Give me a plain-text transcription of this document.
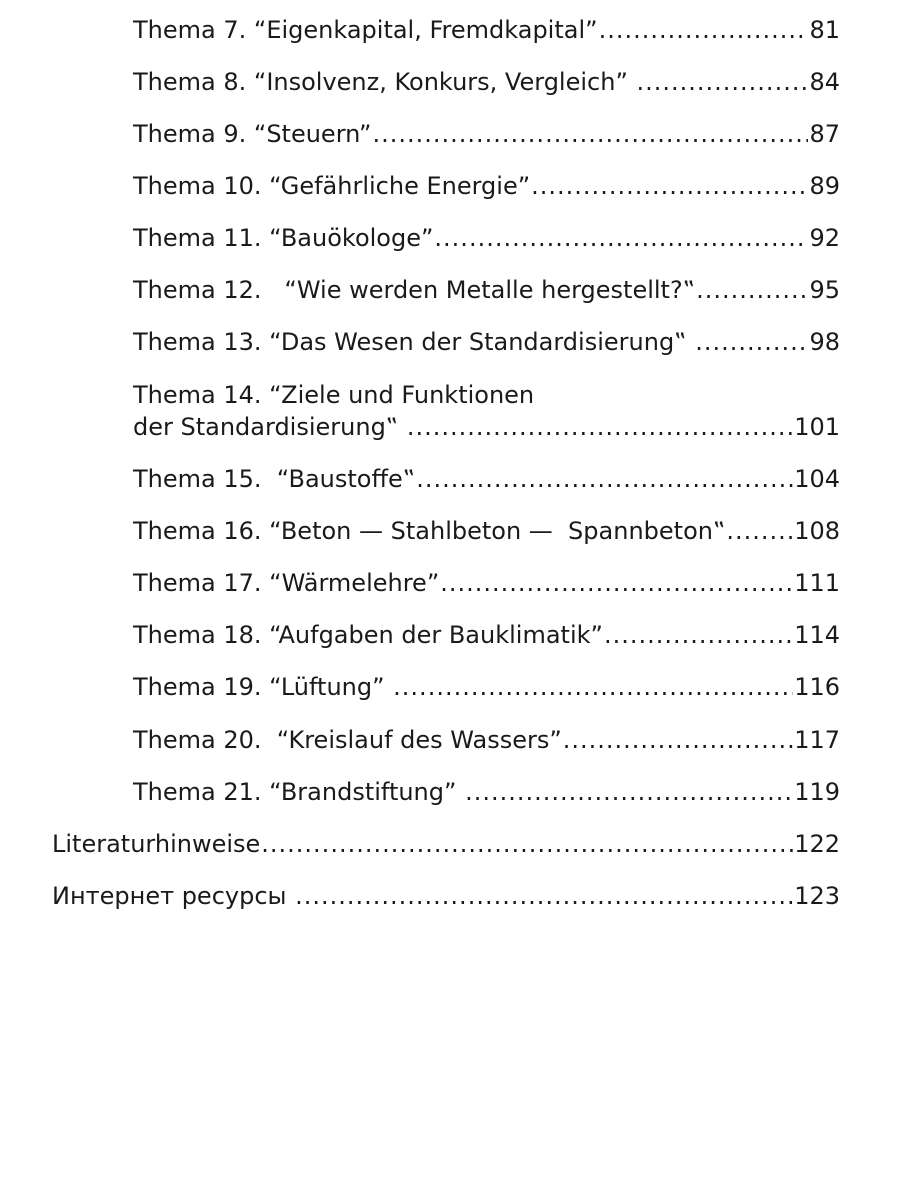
Thema 7. “Eigenkapital, Fremdkapital” .....	81
Thema 8. “Insolvenz, Konkurs, Vergleich” .....	84
Thema 9. “Steuern” .....	87
Thema 10. “Gefährliche Energie” .....	89
Thema 11. “Bauökologe” .....	92
Thema 12.   “Wie werden Metalle hergestellt?‟ .....	95
Thema 13. “Das Wesen der Standardisierung‟ .....	98
Thema 14. “Ziele und Funktionen
der Standardisierung‟ .....	101
Thema 15.  “Baustoffe‟ .....	104
Thema 16. “Beton — Stahlbeton —  Spannbeton‟ .....	108
Thema 17. “Wärmelehre” .....	111
Thema 18. “Aufgaben der Bauklimatik” .....	114
Thema 19. “Lüftung” .....	116
Thema 20.  “Kreislauf des Wassers” .....	117
Thema 21. “Brandstiftung” .....	119
Literaturhinweise .....	122
Интернет ресурсы .....	123
